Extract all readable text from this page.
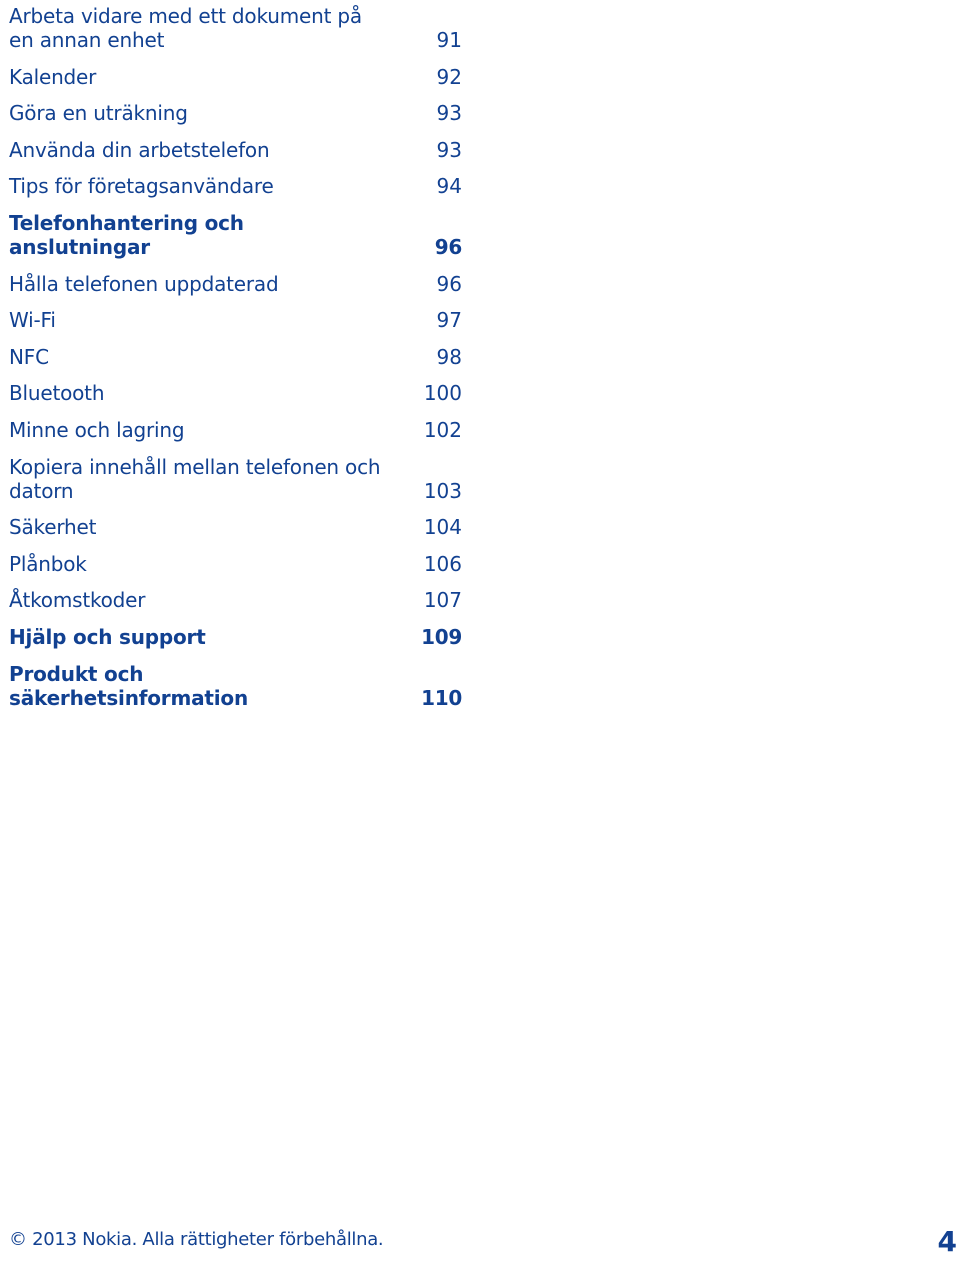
Arbeta vidare med ett dokument på en annan enhet	91
Kalender	92
Göra en uträkning	93
Använda din arbetstelefon	93
Tips för företagsanvändare	94
Telefonhantering och anslutningar	96
Hålla telefonen uppdaterad	96
Wi-Fi	97
NFC	98
Bluetooth	100
Minne och lagring	102
Kopiera innehåll mellan telefonen och datorn	103
Säkerhet	104
Plånbok	106
Åtkomstkoder	107
Hjälp och support	109
Produkt och säkerhetsinformation	110
© 2013 Nokia. Alla rättigheter förbehållna.	4
